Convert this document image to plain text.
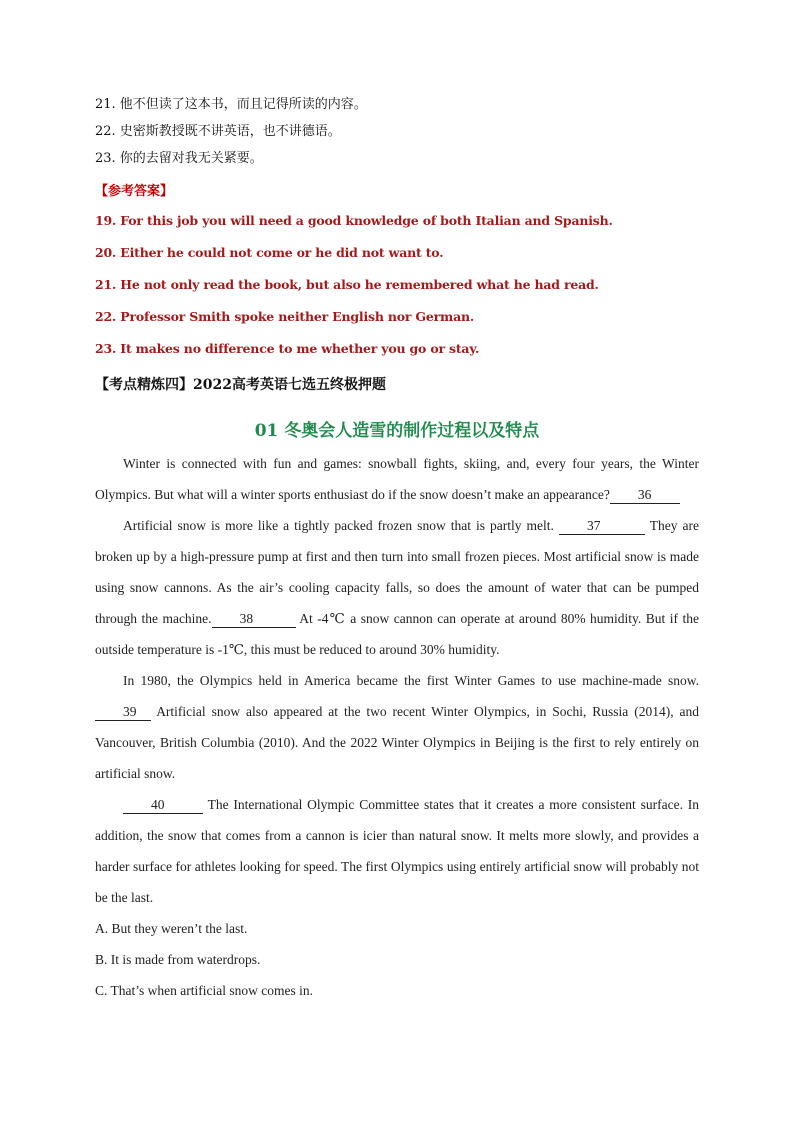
21. 他不但读了这本书，而且记得所读的内容。
22. 史密斯教授既不讲英语，也不讲德语。
23. 你的去留对我无关紧要。
【参考答案】
19. For this job you will need a good knowledge of both Italian and Spanish.
20. Either he could not come or he did not want to.
21. He not only read the book, but also he remembered what he had read.
22. Professor Smith spoke neither English nor German.
23. It makes no difference to me whether you go or stay.
【考点精炼四】2022高考英语七选五终极押题
01 冬奥会人造雪的制作过程以及特点

Winter is connected with fun and games: snowball fights, skiing, and, every four years, the Winter Olympics. But what will a winter sports enthusiast do if the snow doesn’t make an appearance? 36

Artificial snow is more like a tightly packed frozen snow that is partly melt. 37	They are broken up by a high-pressure pump at first and then turn into small frozen pieces. Most artificial snow is made using snow cannons. As the air’s cooling capacity falls, so does the amount of water that can be pumped through the machine. 38	At -4℃ a snow cannon can operate at around 80% humidity. But if the outside temperature is -1℃, this must be reduced to around 30% humidity.

In 1980, the Olympics held in America became the first Winter Games to use machine-made snow. 39 Artificial snow also appeared at the two recent Winter Olympics, in Sochi, Russia (2014), and Vancouver, British Columbia (2010). And the 2022 Winter Olympics in Beijing is the first to rely entirely on artificial snow.

40	The International Olympic Committee states that it creates a more consistent surface. In addition, the snow that comes from a cannon is icier than natural snow. It melts more slowly, and provides a harder surface for athletes looking for speed. The first Olympics using entirely artificial snow will probably not be the last.

A. But they weren’t the last.

B. It is made from waterdrops.

C. That’s when artificial snow comes in.
